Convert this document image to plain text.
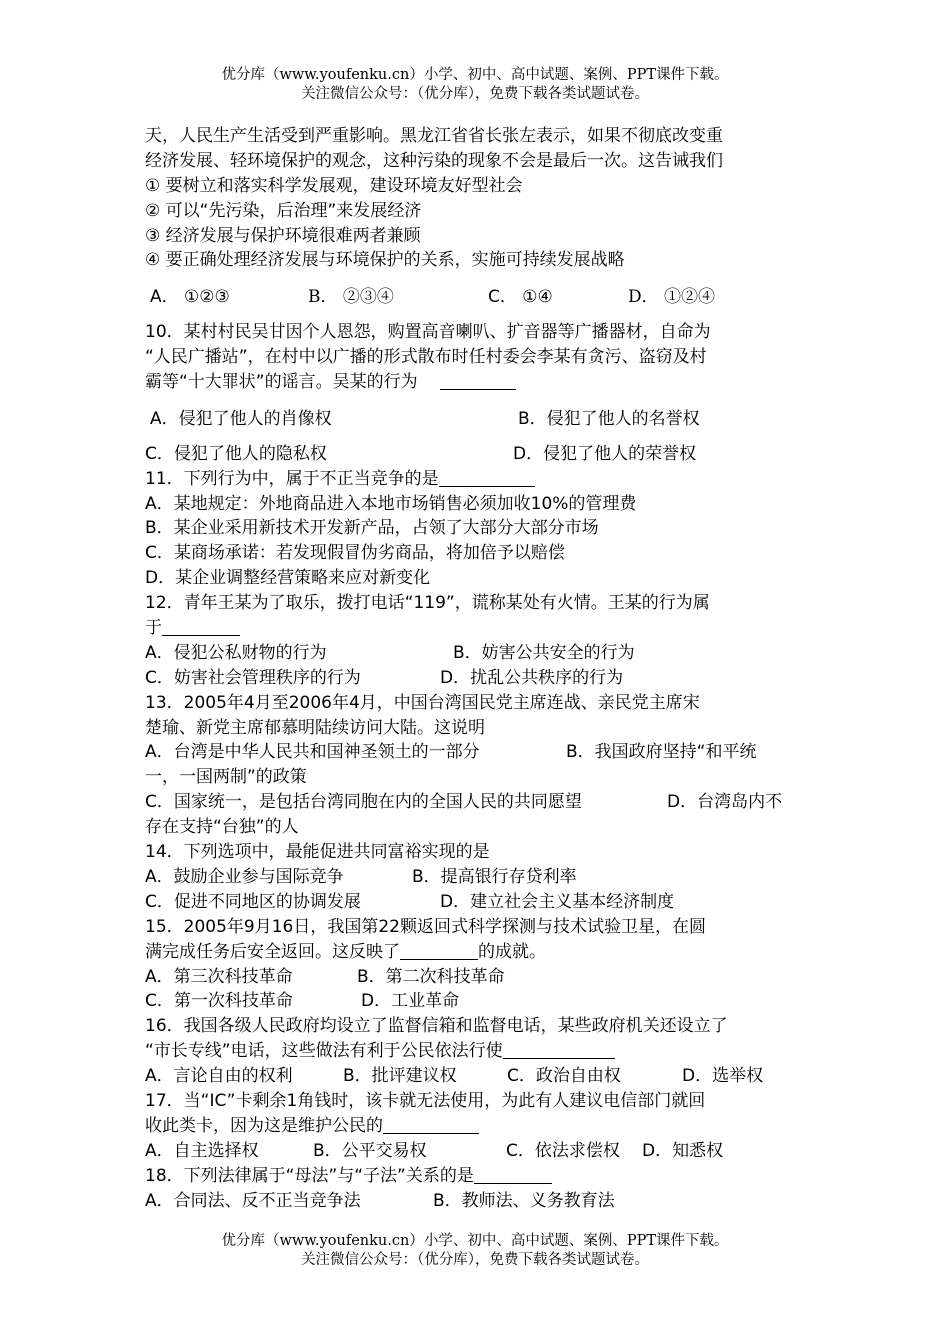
优分库（www.youfenku.cn）小学、初中、高中试题、案例、PPT课件下载。
关注微信公众号：（优分库），免费下载各类试题试卷。
天，人民生产生活受到严重影响。黑龙江省省长张左表示，如果不彻底改变重
经济发展、轻环境保护的观念，这种污染的现象不会是最后一次。这告诫我们
① 要树立和落实科学发展观，建设环境友好型社会
② 可以“先污染，后治理”来发展经济
③ 经济发展与保护环境很难两者兼顾
④ 要正确处理经济发展与环境保护的关系，实施可持续发展战略
A． ①②③	B． ②③④	C． ①④	D． ①②④
10．某村村民吴甘因个人恩怨，购置高音喇叭、扩音器等广播器材，自命为
“人民广播站”，在村中以广播的形式散布时任村委会李某有贪污、盗窃及村
霸等“十大罪状”的谣言。吴某的行为
A．侵犯了他人的肖像权	B．侵犯了他人的名誉权
C．侵犯了他人的隐私权	D．侵犯了他人的荣誉权
11．下列行为中，属于不正当竞争的是
A．某地规定：外地商品进入本地市场销售必须加收10%的管理费
B．某企业采用新技术开发新产品，占领了大部分大部分市场
C．某商场承诺：若发现假冒伪劣商品，将加倍予以赔偿
D．某企业调整经营策略来应对新变化
12．青年王某为了取乐，拨打电话“119”，谎称某处有火情。王某的行为属
于
A．侵犯公私财物的行为	B．妨害公共安全的行为
C．妨害社会管理秩序的行为	D．扰乱公共秩序的行为
13．2005年4月至2006年4月，中国台湾国民党主席连战、亲民党主席宋
楚瑜、新党主席郁慕明陆续访问大陆。这说明
A．台湾是中华人民共和国神圣领土的一部分	B．我国政府坚持“和平统
一，一国两制”的政策
C．国家统一，是包括台湾同胞在内的全国人民的共同愿望	D．台湾岛内不
存在支持“台独”的人
14．下列选项中，最能促进共同富裕实现的是
A．鼓励企业参与国际竞争	B．提高银行存贷利率
C．促进不同地区的协调发展	D．建立社会主义基本经济制度
15．2005年9月16日，我国第22颗返回式科学探测与技术试验卫星，在圆
满完成任务后安全返回。这反映了	的成就。
A．第三次科技革命	B．第二次科技革命
C．第一次科技革命	D．工业革命
16．我国各级人民政府均设立了监督信箱和监督电话，某些政府机关还设立了
“市长专线”电话，这些做法有利于公民依法行使
A．言论自由的权利	B．批评建议权	C．政治自由权	D．选举权
17．当“IC”卡剩余1角钱时，该卡就无法使用，为此有人建议电信部门就回
收此类卡，因为这是维护公民的
A．自主选择权	B．公平交易权	C．依法求偿权 D．知悉权
18．下列法律属于“母法”与“子法”关系的是
A．合同法、反不正当竞争法	B．教师法、义务教育法
优分库（www.youfenku.cn）小学、初中、高中试题、案例、PPT课件下载。
关注微信公众号：（优分库），免费下载各类试题试卷。
